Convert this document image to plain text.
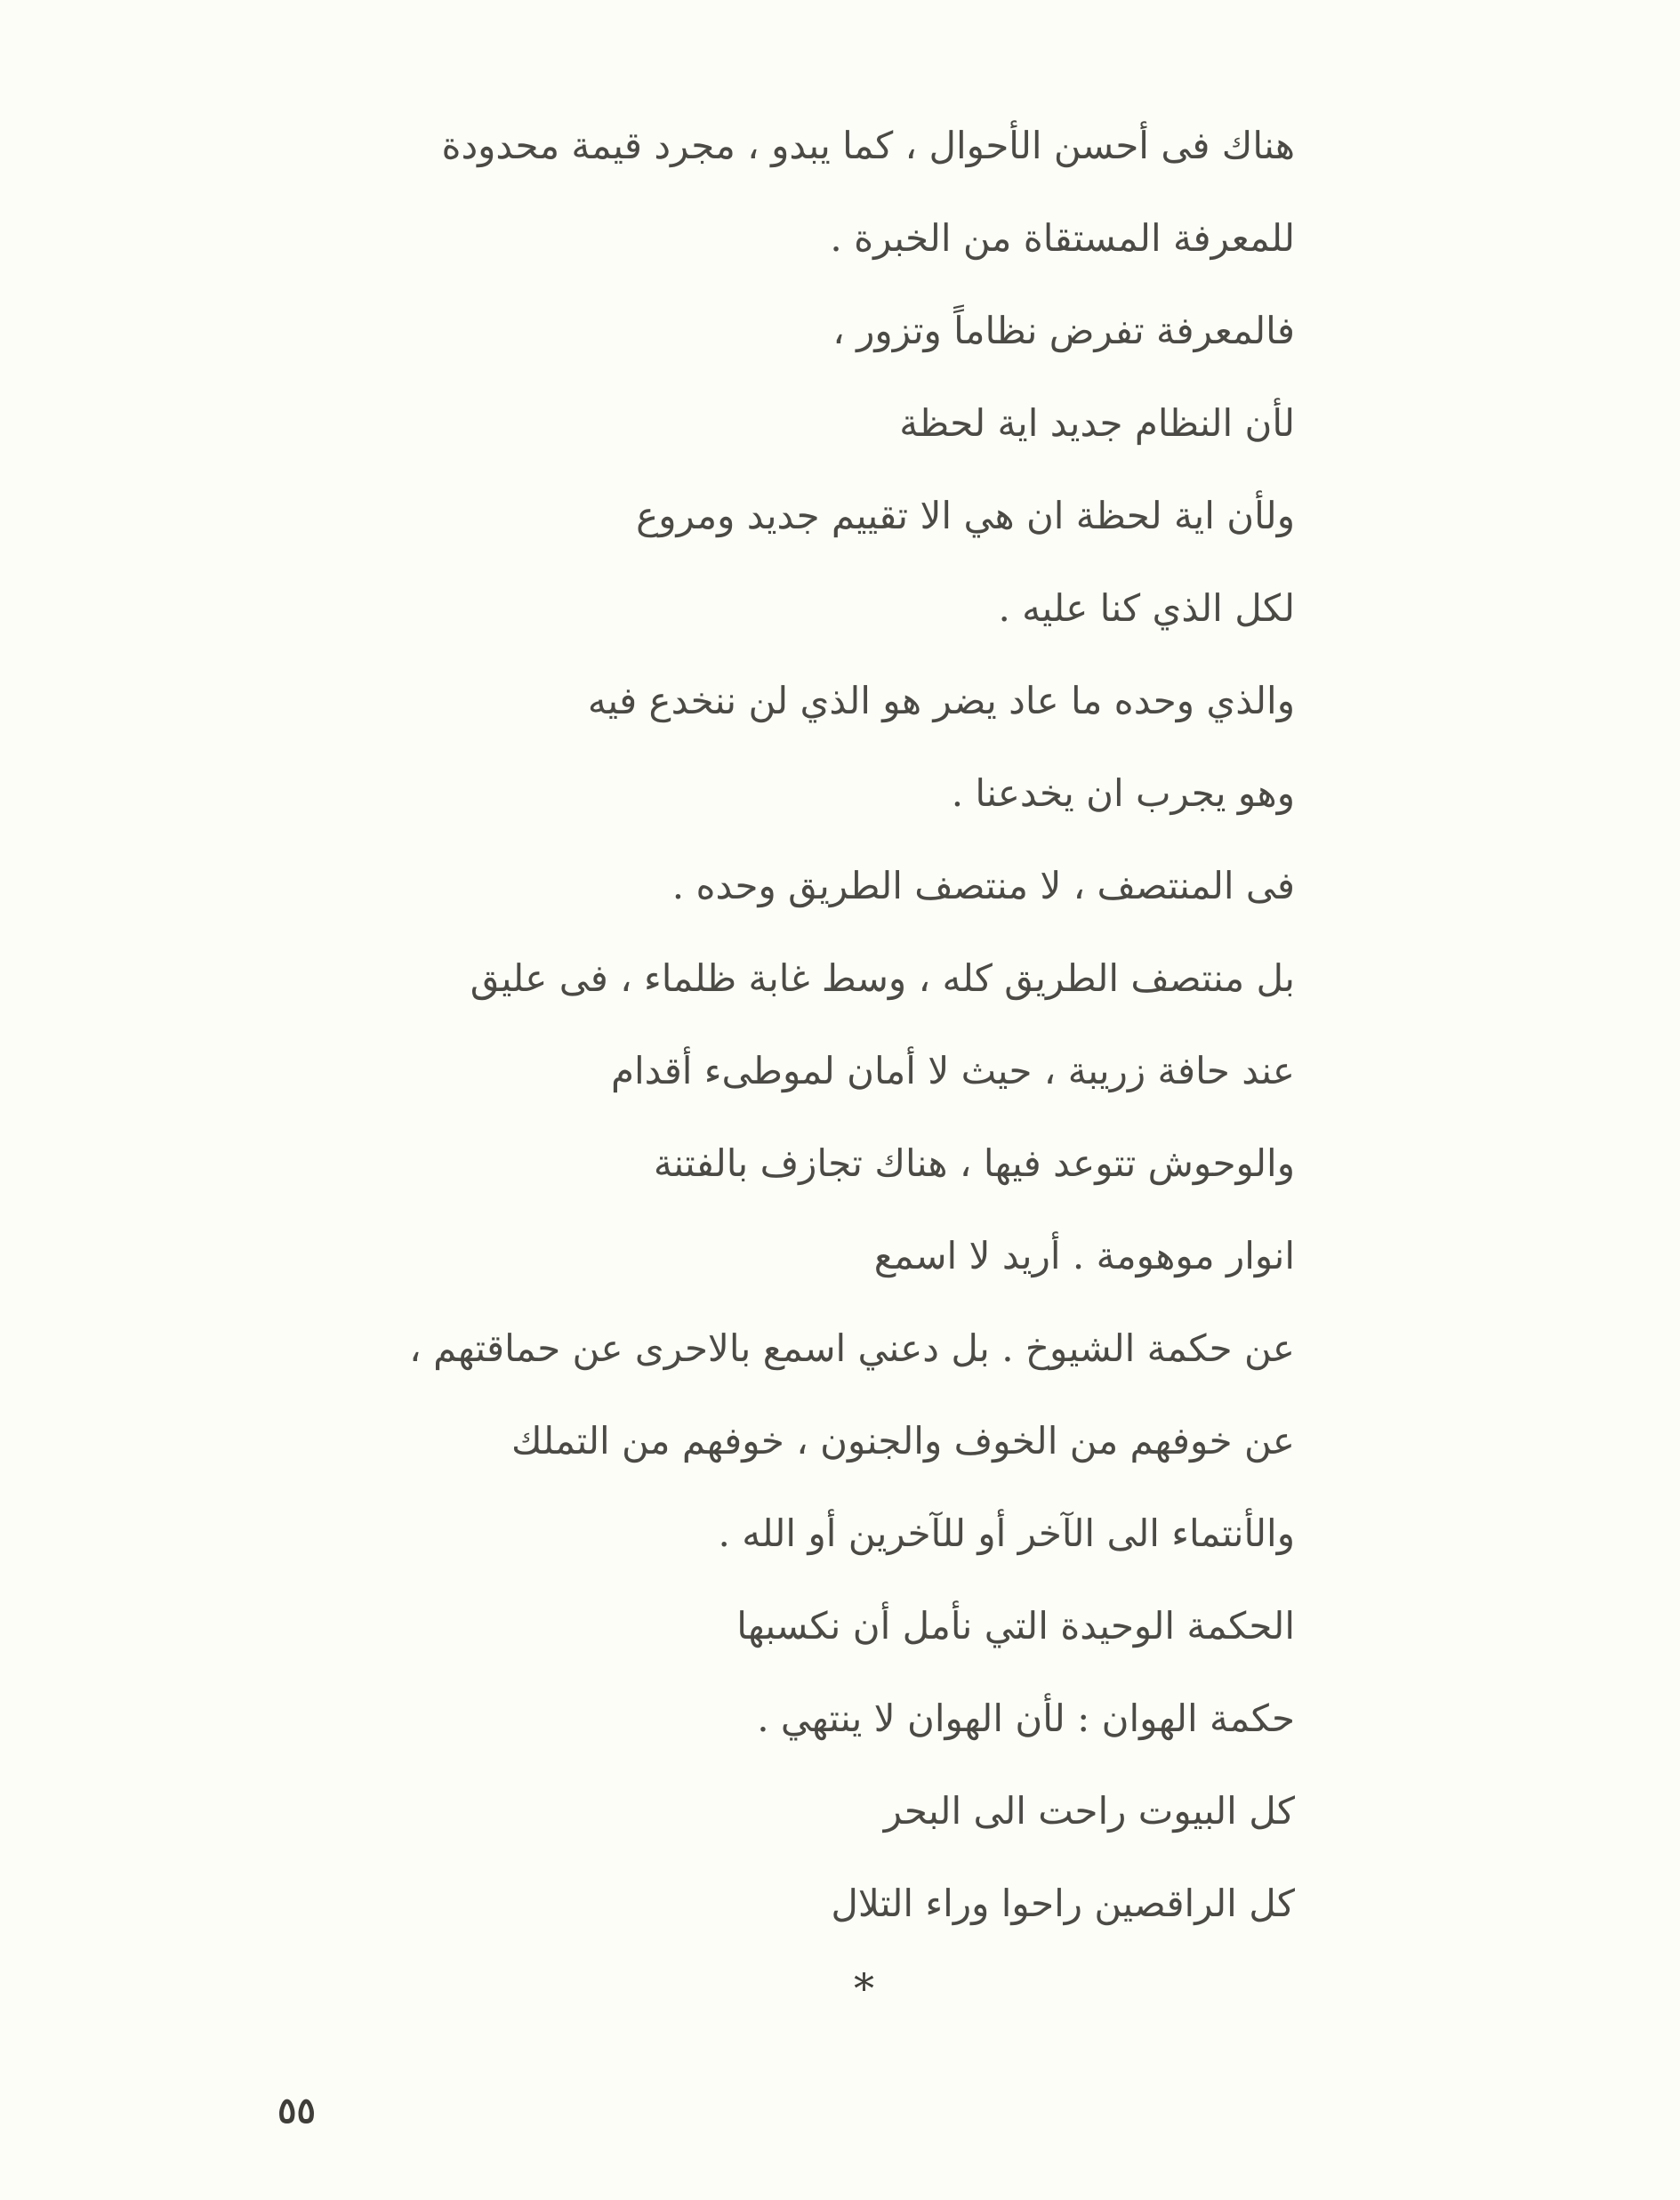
هناك فى أحسن الأحوال ، كما يبدو ، مجرد قيمة محدودة
للمعرفة المستقاة من الخبرة .
فالمعرفة تفرض نظاماً وتزور ،
لأن النظام جديد اية لحظة
ولأن اية لحظة ان هي الا تقييم جديد ومروع
لكل الذي كنا عليه .
والذي وحده ما عاد يضر هو الذي لن ننخدع فيه
وهو يجرب ان يخدعنا .
فى المنتصف ، لا منتصف الطريق وحده .
بل منتصف الطريق كله ، وسط غابة ظلماء ، فى عليق
عند حافة زريبة ، حيث لا أمان لموطىء أقدام
والوحوش تتوعد فيها ، هناك تجازف بالفتنة
انوار موهومة . أريد لا اسمع
عن حكمة الشيوخ . بل دعني اسمع بالاحرى عن حماقتهم ،
عن خوفهم من الخوف والجنون ، خوفهم من التملك
والأنتماء الى الآخر أو للآخرين أو الله .
الحكمة الوحيدة التي نأمل أن نكسبها
حكمة الهوان : لأن الهوان لا ينتهي .
كل البيوت راحت الى البحر
كل الراقصين راحوا وراء التلال
*
٥٥
